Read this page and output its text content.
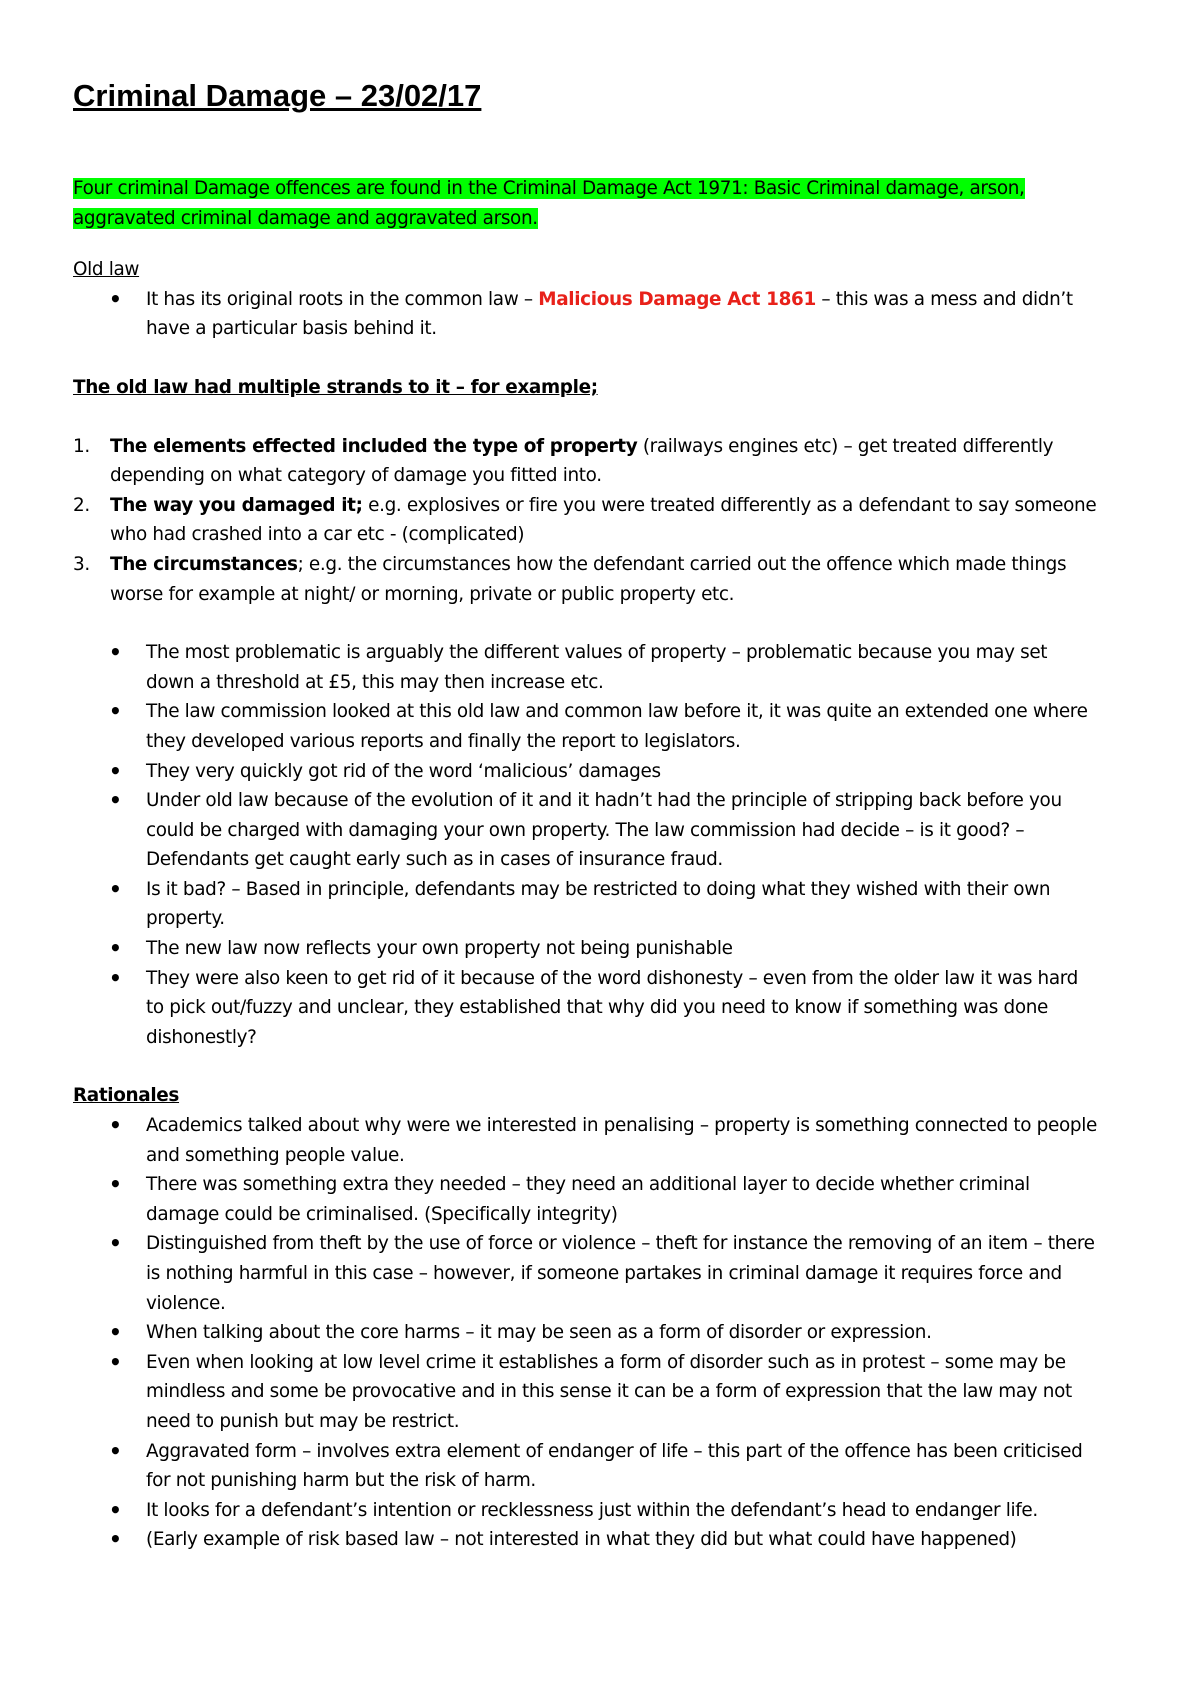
Criminal Damage – 23/02/17

Four criminal Damage offences are found in the Criminal Damage Act 1971: Basic Criminal damage, arson, aggravated criminal damage and aggravated arson.

Old law

• It has its original roots in the common law – Malicious Damage Act 1861 – this was a mess and didn’t have a particular basis behind it.

The old law had multiple strands to it – for example;

1. The elements effected included the type of property (railways engines etc) – get treated differently depending on what category of damage you fitted into.
2. The way you damaged it; e.g. explosives or fire you were treated differently as a defendant to say someone who had crashed into a car etc - (complicated)
3. The circumstances; e.g. the circumstances how the defendant carried out the offence which made things worse for example at night/ or morning, private or public property etc.
• The most problematic is arguably the different values of property – problematic because you may set down a threshold at £5, this may then increase etc.
• The law commission looked at this old law and common law before it, it was quite an extended one where they developed various reports and finally the report to legislators.
• They very quickly got rid of the word ‘malicious’ damages
• Under old law because of the evolution of it and it hadn’t had the principle of stripping back before you could be charged with damaging your own property. The law commission had decide – is it good? – Defendants get caught early such as in cases of insurance fraud.
• Is it bad? – Based in principle, defendants may be restricted to doing what they wished with their own property.
• The new law now reflects your own property not being punishable
• They were also keen to get rid of it because of the word dishonesty – even from the older law it was hard to pick out/fuzzy and unclear, they established that why did you need to know if something was done dishonestly?

Rationales

• Academics talked about why were we interested in penalising – property is something connected to people and something people value.
• There was something extra they needed – they need an additional layer to decide whether criminal damage could be criminalised. (Specifically integrity)
• Distinguished from theft by the use of force or violence – theft for instance the removing of an item – there is nothing harmful in this case – however, if someone partakes in criminal damage it requires force and violence.
• When talking about the core harms – it may be seen as a form of disorder or expression.
• Even when looking at low level crime it establishes a form of disorder such as in protest – some may be mindless and some be provocative and in this sense it can be a form of expression that the law may not need to punish but may be restrict.
• Aggravated form – involves extra element of endanger of life – this part of the offence has been criticised for not punishing harm but the risk of harm.
• It looks for a defendant’s intention or recklessness just within the defendant’s head to endanger life.
• (Early example of risk based law – not interested in what they did but what could have happened)
